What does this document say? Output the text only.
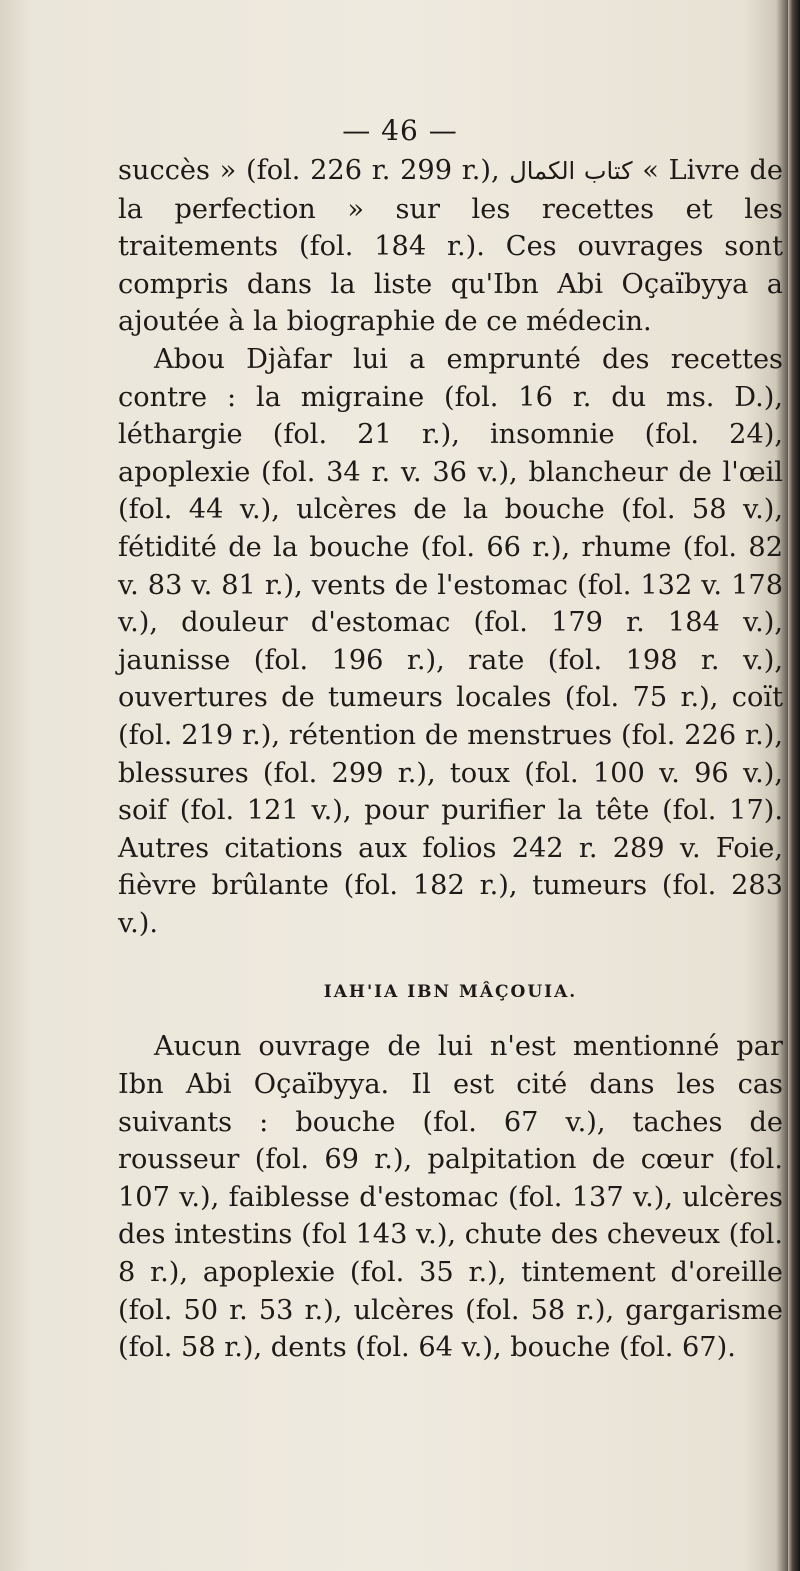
— 46 —

succès » (fol. 226 r. 299 r.), كتاب الكمال « Livre de la perfection » sur les recettes et les traitements (fol. 184 r.). Ces ouvrages sont compris dans la liste qu'Ibn Abi Oçaïbyya a ajoutée à la biographie de ce médecin.

Abou Djàfar lui a emprunté des recettes contre : la migraine (fol. 16 r. du ms. D.), léthargie (fol. 21 r.), insomnie (fol. 24), apoplexie (fol. 34 r. v. 36 v.), blancheur de l'œil (fol. 44 v.), ulcères de la bouche (fol. 58 v.), fétidité de la bouche (fol. 66 r.), rhume (fol. 82 v. 83 v. 81 r.), vents de l'estomac (fol. 132 v. 178 v.), douleur d'estomac (fol. 179 r. 184 v.), jaunisse (fol. 196 r.), rate (fol. 198 r. v.), ouvertures de tumeurs locales (fol. 75 r.), coït (fol. 219 r.), rétention de menstrues (fol. 226 r.), blessures (fol. 299 r.), toux (fol. 100 v. 96 v.), soif (fol. 121 v.), pour purifier la tête (fol. 17). Autres citations aux folios 242 r. 289 v. Foie, fièvre brûlante (fol. 182 r.), tumeurs (fol. 283 v.).

IAH'IA IBN MÂÇOUIA.

Aucun ouvrage de lui n'est mentionné par Ibn Abi Oçaïbyya. Il est cité dans les cas suivants : bouche (fol. 67 v.), taches de rousseur (fol. 69 r.), palpitation de cœur (fol. 107 v.), faiblesse d'estomac (fol. 137 v.), ulcères des intestins (fol 143 v.), chute des cheveux (fol. 8 r.), apoplexie (fol. 35 r.), tintement d'oreille (fol. 50 r. 53 r.), ulcères (fol. 58 r.), gargarisme (fol. 58 r.), dents (fol. 64 v.), bouche (fol. 67).
